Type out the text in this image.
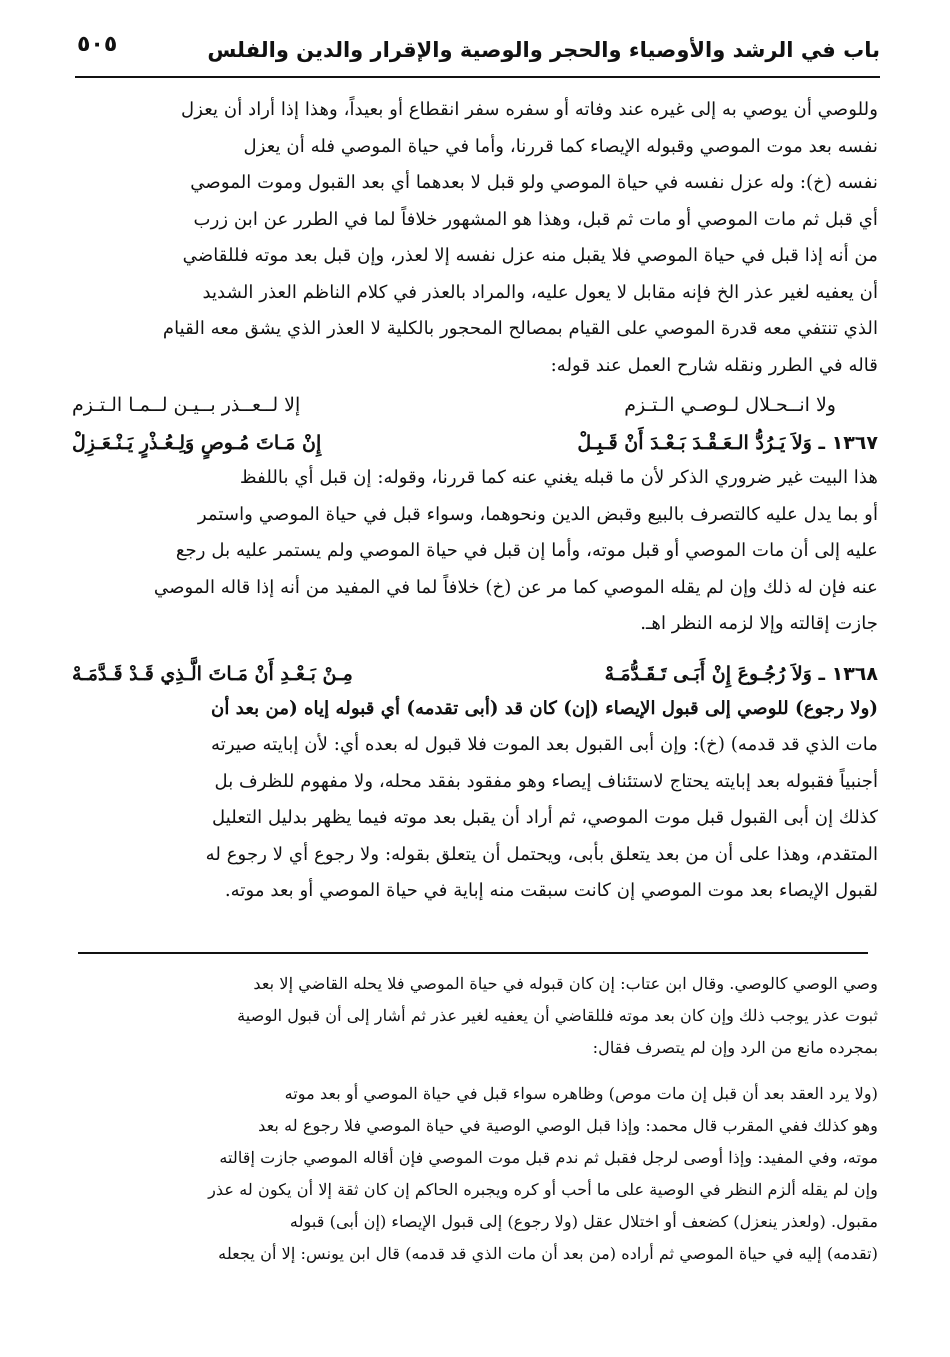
باب في الرشد والأوصياء والحجر والوصية والإقرار والدين والفلس
٥٠٥

وللوصي أن يوصي به إلى غيره عند وفاته أو سفره سفر انقطاع أو بعيداً، وهذا إذا أراد أن يعزل

نفسه بعد موت الموصي وقبوله الإيصاء كما قررنا، وأما في حياة الموصي فله أن يعزل

نفسه (خ): وله عزل نفسه في حياة الموصي ولو قبل لا بعدهما أي بعد القبول وموت الموصي

أي قبل ثم مات الموصي أو مات ثم قبل، وهذا هو المشهور خلافاً لما في الطرر عن ابن زرب

من أنه إذا قبل في حياة الموصي فلا يقبل منه عزل نفسه إلا لعذر، وإن قبل بعد موته فللقاضي

أن يعفيه لغير عذر الخ فإنه مقابل لا يعول عليه، والمراد بالعذر في كلام الناظم العذر الشديد

الذي تنتفي معه قدرة الموصي على القيام بمصالح المحجور بالكلية لا العذر الذي يشق معه القيام

قاله في الطرر ونقله شارح العمل عند قوله:

ولا انــحـلال لـوصـي الـتـزم
إلا لــعــذر بــيـن لــمـا الـتـزم
١٣٦٧ ـ وَلاَ يَـرُدُّ الـعَـقْـدَ بَـعْـدَ أَنْ قَـبِـلْ
إِنْ مَـاتَ مُـوصٍ وَلِـعُـذْرٍ يَـنْـعَـزِلْ

هذا البيت غير ضروري الذكر لأن ما قبله يغني عنه كما قررنا، وقوله: إن قبل أي باللفظ

أو بما يدل عليه كالتصرف بالبيع وقبض الدين ونحوهما، وسواء قبل في حياة الموصي واستمر

عليه إلى أن مات الموصي أو قبل موته، وأما إن قبل في حياة الموصي ولم يستمر عليه بل رجع

عنه فإن له ذلك وإن لم يقله الموصي كما مر عن (خ) خلافاً لما في المفيد من أنه إذا قاله الموصي

جازت إقالته وإلا لزمه النظر اهـ.

١٣٦٨ ـ وَلاَ رُجُـوعَ إِنْ أَبَـى تَـقَـدُّمَـهْ
مِـنْ بَـعْـدِ أَنْ مَـاتَ الَّـذِي قَـدْ قَـدَّمَـهْ

(ولا رجوع) للوصي إلى قبول الإيصاء (إن) كان قد (أبى تقدمه) أي قبوله إياه (من بعد أن

مات الذي قد قدمه) (خ): وإن أبى القبول بعد الموت فلا قبول له بعده أي: لأن إبايته صيرته

أجنبياً فقبوله بعد إبايته يحتاج لاستئناف إيصاء وهو مفقود بفقد محله، ولا مفهوم للظرف بل

كذلك إن أبى القبول قبل موت الموصي، ثم أراد أن يقبل بعد موته فيما يظهر بدليل التعليل

المتقدم، وهذا على أن من بعد يتعلق بأبى، ويحتمل أن يتعلق بقوله: ولا رجوع أي لا رجوع له

لقبول الإيصاء بعد موت الموصي إن كانت سبقت منه إباية في حياة الموصي أو بعد موته.

وصي الوصي كالوصي. وقال ابن عتاب: إن كان قبوله في حياة الموصي فلا يحله القاضي إلا بعد

ثبوت عذر يوجب ذلك وإن كان بعد موته فللقاضي أن يعفيه لغير عذر ثم أشار إلى أن قبول الوصية

بمجرده مانع من الرد وإن لم يتصرف فقال:

(ولا يرد العقد بعد أن قبل إن مات موص) وظاهره سواء قبل في حياة الموصي أو بعد موته

وهو كذلك ففي المقرب قال محمد: وإذا قبل الوصي الوصية في حياة الموصي فلا رجوع له بعد

موته، وفي المفيد: وإذا أوصى لرجل فقبل ثم ندم قبل موت الموصي فإن أقاله الموصي جازت إقالته

وإن لم يقله ألزم النظر في الوصية على ما أحب أو كره ويجبره الحاكم إن كان ثقة إلا أن يكون له عذر

مقبول. (ولعذر ينعزل) كضعف أو اختلال عقل (ولا رجوع) إلى قبول الإيصاء (إن أبى) قبوله

(تقدمه) إليه في حياة الموصي ثم أراده (من بعد أن مات الذي قد قدمه) قال ابن يونس: إلا أن يجعله
